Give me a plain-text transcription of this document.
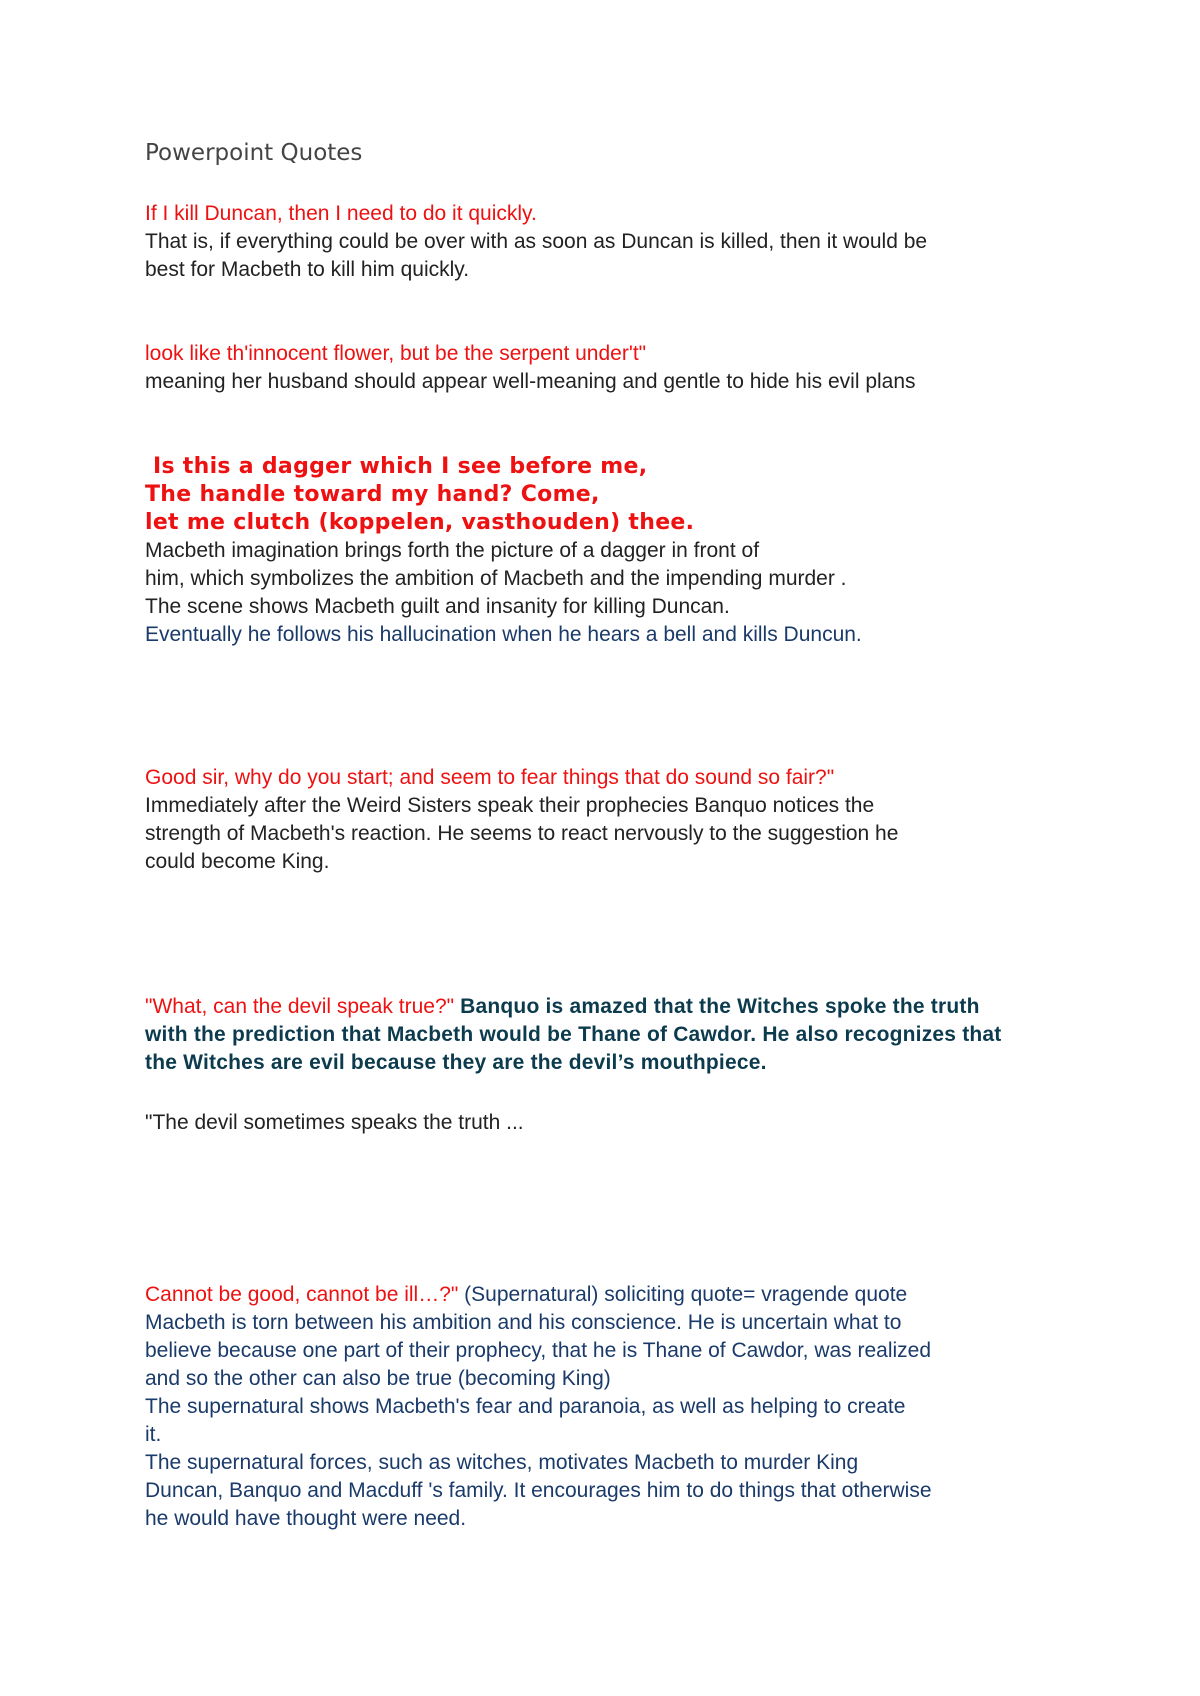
Powerpoint Quotes
If I kill Duncan, then I need to do it quickly.
That is, if everything could be over with as soon as Duncan is killed, then it would be
best for Macbeth to kill him quickly.
look like th'innocent flower, but be the serpent under't"
meaning her husband should appear well-meaning and gentle to hide his evil plans
Is this a dagger which I see before me,
The handle toward my hand? Come,
let me clutch (koppelen, vasthouden) thee.
Macbeth imagination brings forth the picture of a dagger in front of
him, which symbolizes the ambition of Macbeth and the impending murder .
The scene shows Macbeth guilt and insanity for killing Duncan.
Eventually he follows his hallucination when he hears a bell and kills Duncun.
Good sir, why do you start; and seem to fear things that do sound so fair?"
Immediately after the Weird Sisters speak their prophecies Banquo notices the
strength of Macbeth's reaction. He seems to react nervously to the suggestion he
could become King.
"What, can the devil speak true?" Banquo is amazed that the Witches spoke the truth
with the prediction that Macbeth would be Thane of Cawdor. He also recognizes that
the Witches are evil because they are the devil’s mouthpiece.
"The devil sometimes speaks the truth ...
Cannot be good, cannot be ill…?" (Supernatural) soliciting quote= vragende quote
Macbeth is torn between his ambition and his conscience. He is uncertain what to
believe because one part of their prophecy, that he is Thane of Cawdor, was realized
and so the other can also be true (becoming King)
The supernatural shows Macbeth's fear and paranoia, as well as helping to create
it.
The supernatural forces, such as witches, motivates Macbeth to murder King
Duncan, Banquo and Macduff 's family. It encourages him to do things that otherwise
he would have thought were need.
